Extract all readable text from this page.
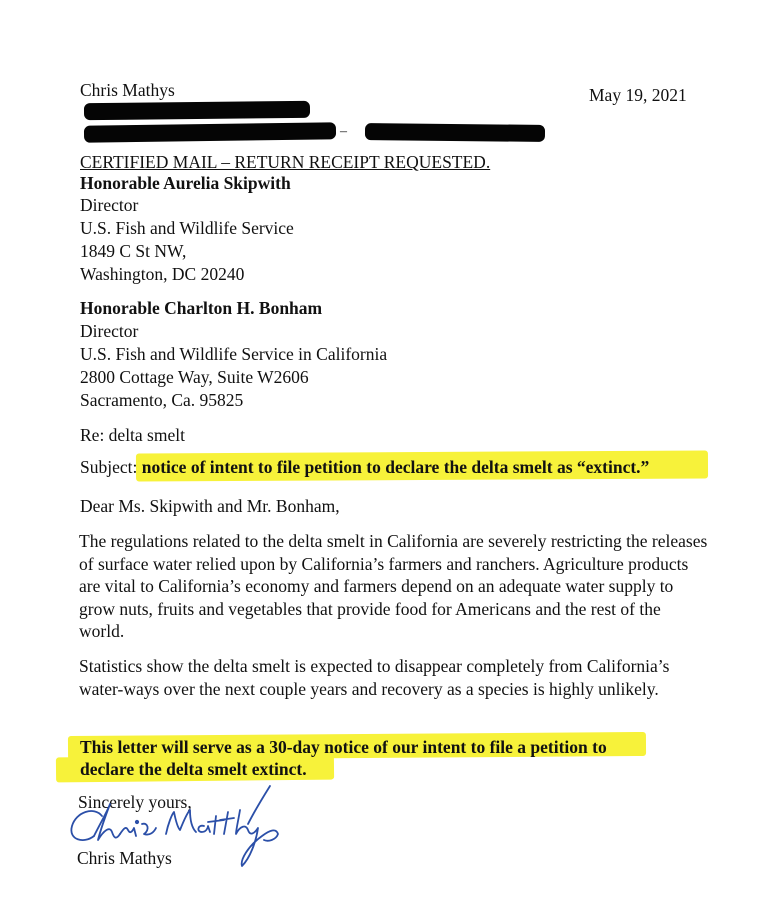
Chris Mathys	May 19, 2021
–
CERTIFIED MAIL – RETURN RECEIPT REQUESTED.
Honorable Aurelia Skipwith
Director
U.S. Fish and Wildlife Service
1849 C St NW,
Washington, DC 20240
Honorable Charlton H. Bonham
Director
U.S. Fish and Wildlife Service in California
2800 Cottage Way, Suite W2606
Sacramento, Ca. 95825
Re: delta smelt
Subject: notice of intent to file petition to declare the delta smelt as “extinct.”
Dear Ms. Skipwith and Mr. Bonham,
The regulations related to the delta smelt in California are severely restricting the releases of surface water relied upon by California’s farmers and ranchers. Agriculture products are vital to California’s economy and farmers depend on an adequate water supply to grow nuts, fruits and vegetables that provide food for Americans and the rest of the world.
Statistics show the delta smelt is expected to disappear completely from California’s water-ways over the next couple years and recovery as a species is highly unlikely.
This letter will serve as a 30-day notice of our intent to file a petition to
declare the delta smelt extinct.
Sincerely yours,
Chris Mathys
